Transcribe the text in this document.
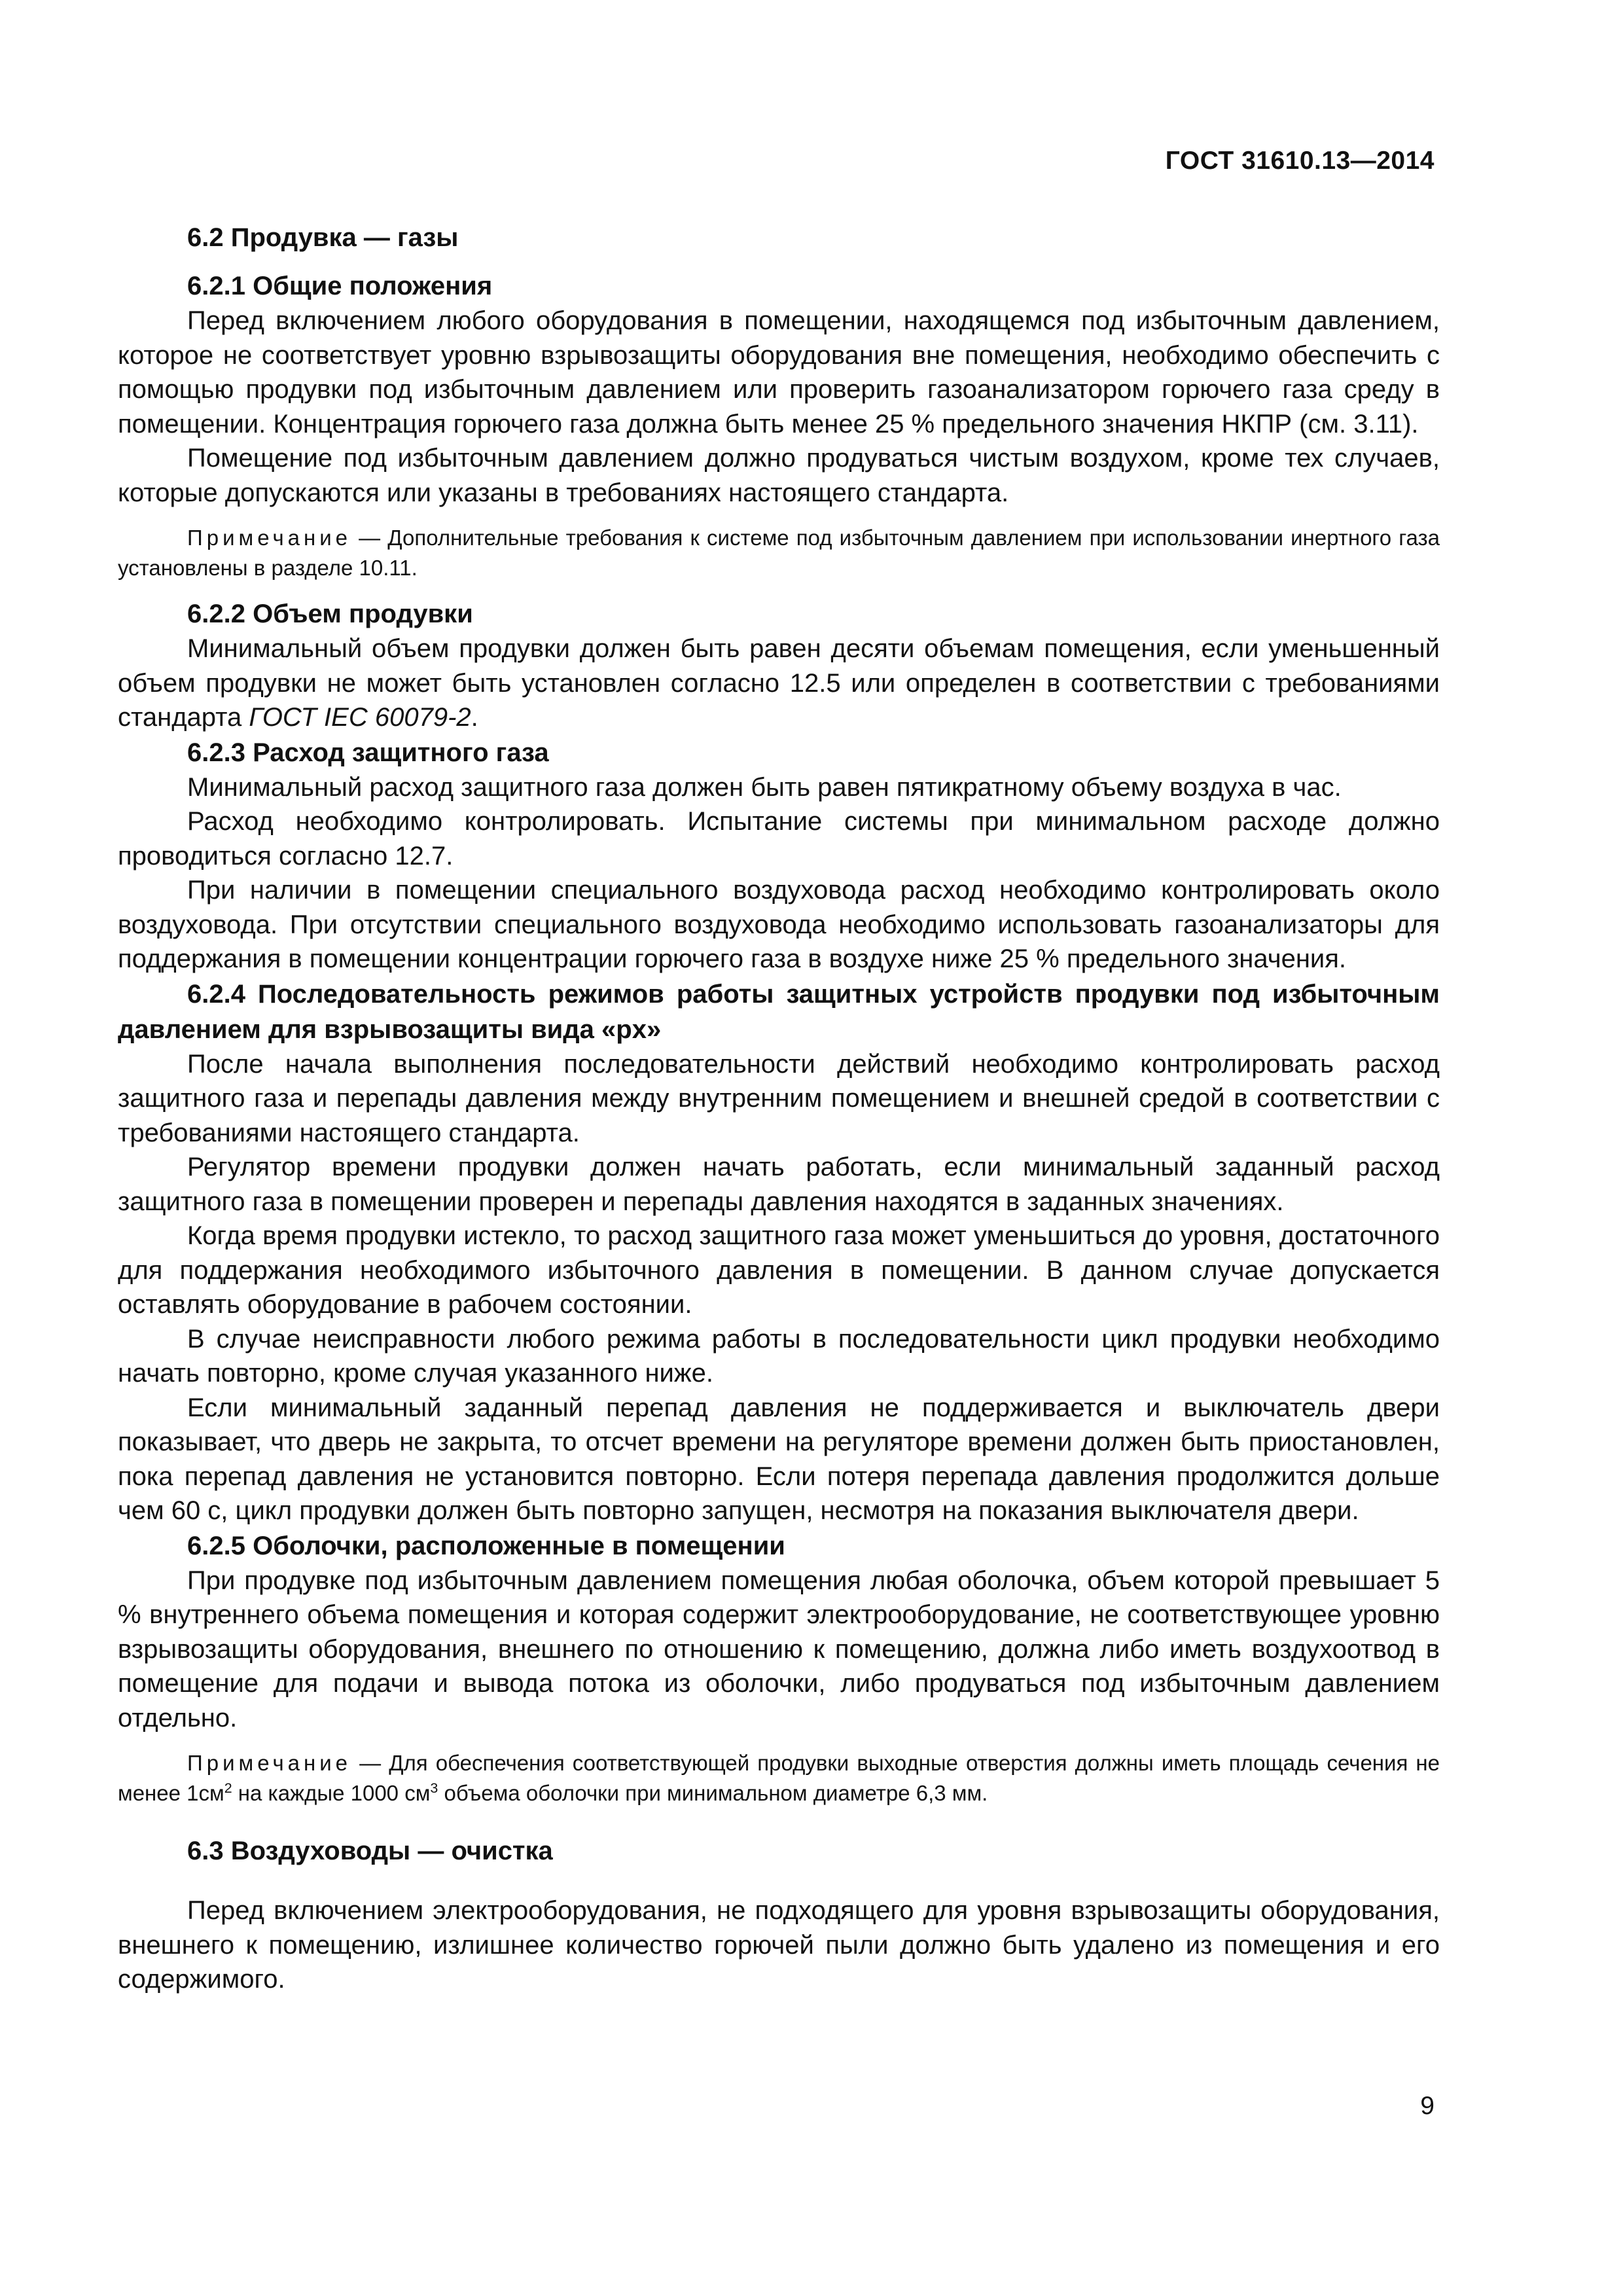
ГОСТ 31610.13—2014

6.2 Продувка — газы

6.2.1 Общие положения

Перед включением любого оборудования в помещении, находящемся под избыточным давлением, которое не соответствует уровню взрывозащиты оборудования вне помещения, необходимо обеспечить с помощью продувки под избыточным давлением или проверить газоанализатором горючего газа среду в помещении. Концентрация горючего газа должна быть менее 25 % предельного значения НКПР (см. 3.11).

Помещение под избыточным давлением должно продуваться чистым воздухом, кроме тех случаев, которые допускаются или указаны в требованиях настоящего стандарта.

Примечание — Дополнительные требования к системе под избыточным давлением при использовании инертного газа установлены в разделе 10.11.

6.2.2 Объем продувки

Минимальный объем продувки должен быть равен десяти объемам помещения, если уменьшенный объем продувки не может быть установлен согласно 12.5 или определен в соответствии с требованиями стандарта ГОСТ IEC 60079-2.

6.2.3 Расход защитного газа

Минимальный расход защитного газа должен быть равен пятикратному объему воздуха в час.

Расход необходимо контролировать. Испытание системы при минимальном расходе должно проводиться согласно 12.7.

При наличии в помещении специального воздуховода расход необходимо контролировать около воздуховода. При отсутствии специального воздуховода необходимо использовать газоанализаторы для поддержания в помещении концентрации горючего газа в воздухе ниже 25 % предельного значения.

6.2.4 Последовательность режимов работы защитных устройств продувки под избыточным давлением для взрывозащиты вида «px»

После начала выполнения последовательности действий необходимо контролировать расход защитного газа и перепады давления между внутренним помещением и внешней средой в соответствии с требованиями настоящего стандарта.

Регулятор времени продувки должен начать работать, если минимальный заданный расход защитного газа в помещении проверен и перепады давления находятся в заданных значениях.

Когда время продувки истекло, то расход защитного газа может уменьшиться до уровня, достаточного для поддержания необходимого избыточного давления в помещении. В данном случае допускается оставлять оборудование в рабочем состоянии.

В случае неисправности любого режима работы в последовательности цикл продувки необходимо начать повторно, кроме случая указанного ниже.

Если минимальный заданный перепад давления не поддерживается и выключатель двери показывает, что дверь не закрыта, то отсчет времени на регуляторе времени должен быть приостановлен, пока перепад давления не установится повторно. Если потеря перепада давления продолжится дольше чем 60 с, цикл продувки должен быть повторно запущен, несмотря на показания выключателя двери.

6.2.5 Оболочки, расположенные в помещении

При продувке под избыточным давлением помещения любая оболочка, объем которой превышает 5 % внутреннего объема помещения и которая содержит электрооборудование, не соответствующее уровню взрывозащиты оборудования, внешнего по отношению к помещению, должна либо иметь воздухоотвод в помещение для подачи и вывода потока из оболочки, либо продуваться под избыточным давлением отдельно.

Примечание — Для обеспечения соответствующей продувки выходные отверстия должны иметь площадь сечения не менее $1см^2$ на каждые 1000 $см^3$ объема оболочки при минимальном диаметре 6,3 мм.

6.3 Воздуховоды — очистка

Перед включением электрооборудования, не подходящего для уровня взрывозащиты оборудования, внешнего к помещению, излишнее количество горючей пыли должно быть удалено из помещения и его содержимого.

9
